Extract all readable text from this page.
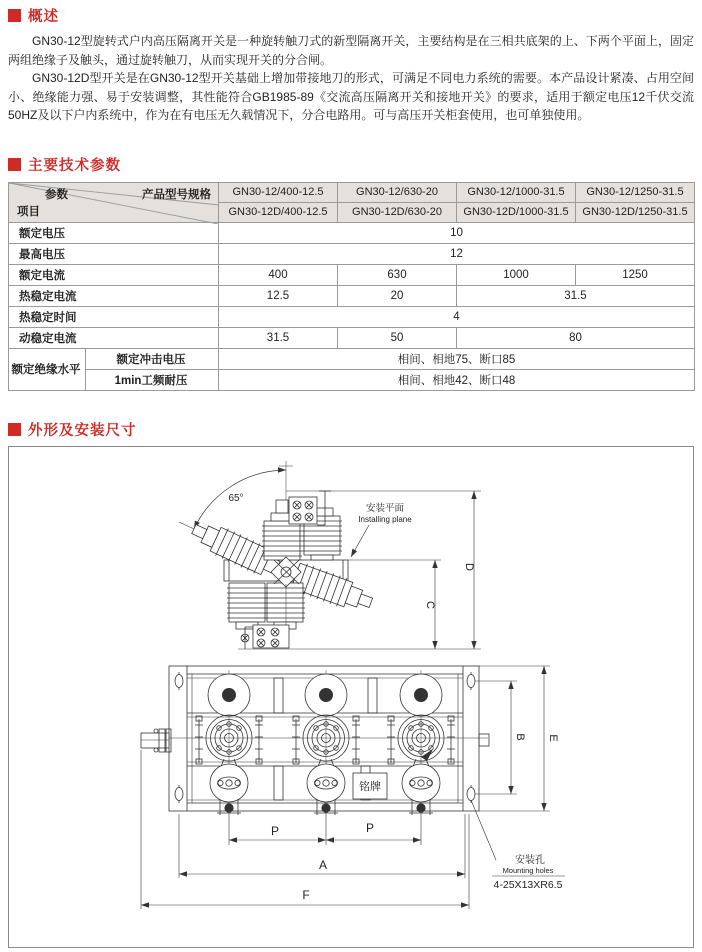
概述

GN30-12型旋转式户内高压隔离开关是一种旋转触刀式的新型隔离开关，主要结构是在三相共底架的上、下两个平面上，固定两组绝缘子及触头，通过旋转触刀，从而实现开关的分合闸。

GN30-12D型开关是在GN30-12型开关基础上增加带接地刀的形式，可满足不同电力系统的需要。本产品设计紧凑、占用空间小、绝缘能力强、易于安装调整，其性能符合GB1985-89《交流高压隔离开关和接地开关》的要求，适用于额定电压12千伏交流50HZ及以下户内系统中，作为在有电压无久载情况下，分合电路用。可与高压开关柜套使用，也可单独使用。

主要技术参数
参数 产品型号规格
项目		GN30-12/400-12.5	GN30-12/630-20	GN30-12/1000-31.5	GN30-12/1250-31.5
		GN30-12D/400-12.5	GN30-12D/630-20	GN30-12D/1000-31.5	GN30-12D/1250-31.5
额定电压		10			
最高电压		12			
额定电流		400	630	1000	1250
热稳定电流		12.5	20	31.5	
热稳定时间		4			
动稳定电流		31.5	50	80	
额定绝缘水平	额定冲击电压	相间、相地75、断口85			
	1min工频耐压	相间、相地42、断口48			
外形及安装尺寸
65°
安装平面
Installing plane
C
D
B E
P	P
A
F
铭牌
安装孔
Mounting holes
4-25X13XR6.5
